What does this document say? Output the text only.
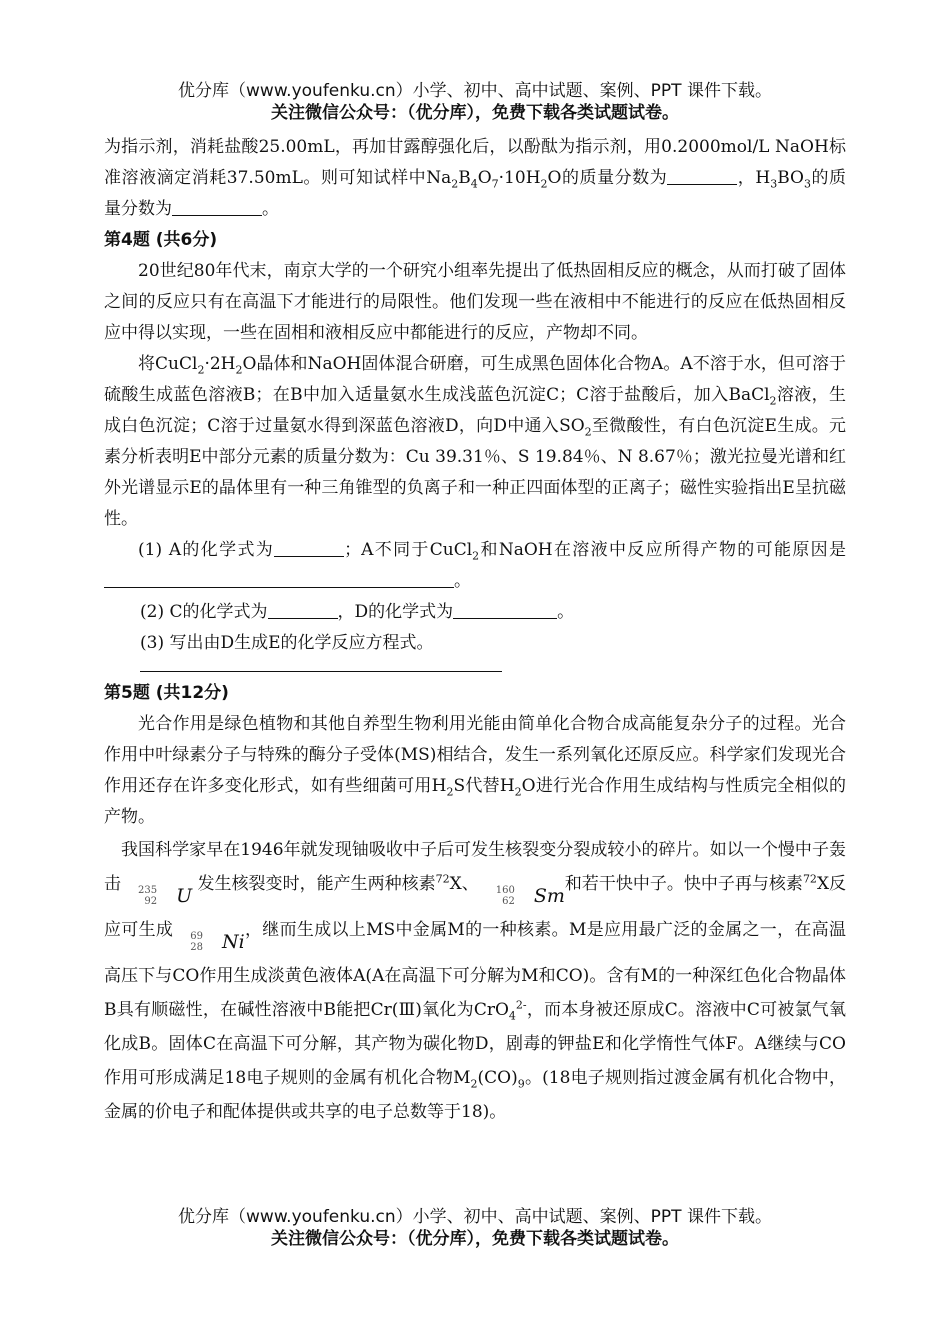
优分库（www.youfenku.cn）小学、初中、高中试题、案例、PPT 课件下载。
关注微信公众号：（优分库），免费下载各类试题试卷。

为指示剂，消耗盐酸25.00mL，再加甘露醇强化后，以酚酞为指示剂，用0.2000mol/L NaOH标准溶液滴定消耗37.50mL。则可知试样中$Na_2B_4O_7\cdot 10H_2O$的质量分数为	，$H_3BO_3$的质量分数为	。

第4题 (共6分)

20世纪80年代末，南京大学的一个研究小组率先提出了低热固相反应的概念，从而打破了固体之间的反应只有在高温下才能进行的局限性。他们发现一些在液相中不能进行的反应在低热固相反应中得以实现，一些在固相和液相反应中都能进行的反应，产物却不同。

将$CuCl_2\cdot 2H_2O$晶体和NaOH固体混合研磨，可生成黑色固体化合物A。A不溶于水，但可溶于硫酸生成蓝色溶液B；在B中加入适量氨水生成浅蓝色沉淀C；C溶于盐酸后，加入BaCl$_2$溶液，生成白色沉淀；C溶于过量氨水得到深蓝色溶液D，向D中通入$SO_2$至微酸性，有白色沉淀E生成。元素分析表明E中部分元素的质量分数为：Cu 39.31％、S 19.84％、N 8.67％；激光拉曼光谱和红外光谱显示E的晶体里有一种三角锥型的负离子和一种正四面体型的正离子；磁性实验指出E呈抗磁性。

(1) A的化学式为	；A不同于CuCl$_2$和NaOH在溶液中反应所得产物的可能原因是。

(2) C的化学式为	，D的化学式为	。

(3) 写出由D生成E的化学反应方程式。

第5题 (共12分)

光合作用是绿色植物和其他自养型生物利用光能由简单化合物合成高能复杂分子的过程。光合作用中叶绿素分子与特殊的酶分子受体(MS)相结合，发生一系列氧化还原反应。科学家们发现光合作用还存在许多变化形式，如有些细菌可用$H_2S$代替$H_2O$进行光合作用生成结构与性质完全相似的产物。

我国科学家早在1946年就发现铀吸收中子后可发生核裂变分裂成较小的碎片。如以一个慢中子轰击	235
92	U
发生核裂变时，能产生两种核素$^{72}$X、	160
62	Sm
和若干快中子。快中子再与核素$^{72}$X反应可生成	69
28	Ni
，继而生成以上MS中金属M的一种核素。M是应用最广泛的金属之一，在高温高压下与CO作用生成淡黄色液体A(A在高温下可分解为M和CO)。含有M的一种深红色化合物晶体B具有顺磁性，在碱性溶液中B能把Cr(Ⅲ)氧化为CrO$_4^{2-}$，而本身被还原成C。溶液中C可被氯气氧化成B。固体C在高温下可分解，其产物为碳化物D，剧毒的钾盐E和化学惰性气体F。A继续与CO作用可形成满足18电子规则的金属有机化合物$M_2(CO)_9$。(18电子规则指过渡金属有机化合物中，金属的价电子和配体提供或共享的电子总数等于18)。

优分库（www.youfenku.cn）小学、初中、高中试题、案例、PPT 课件下载。
关注微信公众号：（优分库），免费下载各类试题试卷。
